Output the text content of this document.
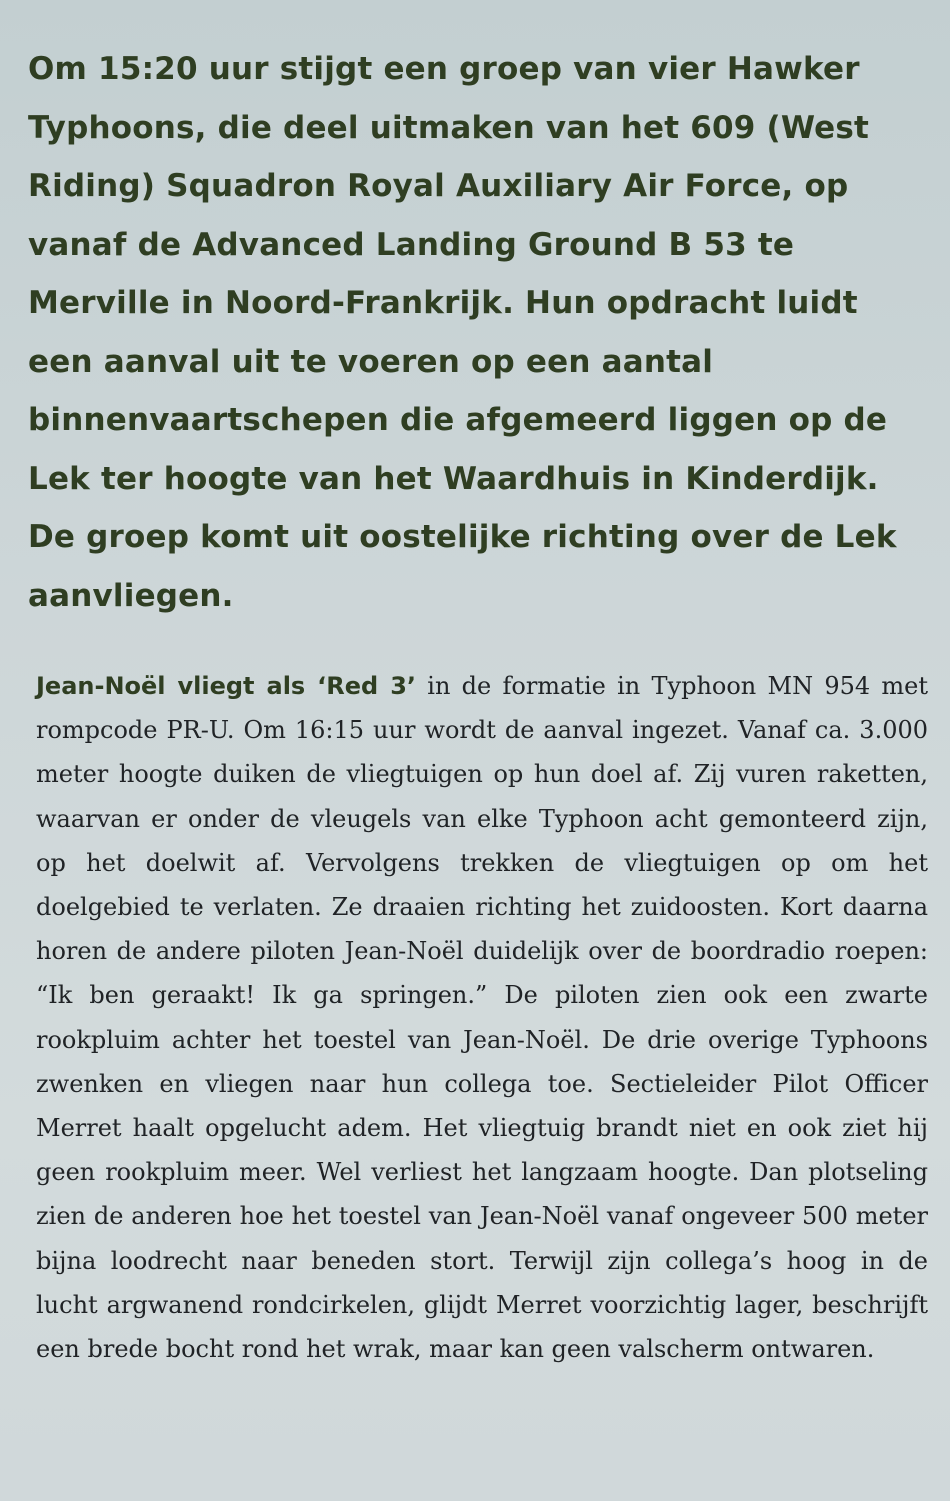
Om 15:20 uur stijgt een groep van vier Hawker Typhoons, die deel uitmaken van het 609 (West Riding) Squadron Royal Auxiliary Air Force, op vanaf de Advanced Landing Ground B 53 te Merville in Noord-Frankrijk. Hun opdracht luidt een aanval uit te voeren op een aantal binnenvaartschepen die afgemeerd liggen op de Lek ter hoogte van het Waardhuis in Kinderdijk. De groep komt uit oostelijke richting over de Lek aanvliegen.

Jean-Noël vliegt als ‘Red 3’ in de formatie in Typhoon MN 954 met rompcode PR-U. Om 16:15 uur wordt de aanval ingezet. Vanaf ca. 3.000 meter hoogte duiken de vliegtuigen op hun doel af. Zij vuren raketten, waarvan er onder de vleugels van elke Typhoon acht gemonteerd zijn, op het doelwit af. Vervolgens trekken de vliegtuigen op om het doelgebied te verlaten. Ze draaien richting het zuidoosten. Kort daarna horen de andere piloten Jean-Noël duidelijk over de boordradio roepen: “Ik ben geraakt! Ik ga springen.” De piloten zien ook een zwarte rookpluim achter het toestel van Jean-Noël. De drie overige Typhoons zwenken en vliegen naar hun collega toe. Sectieleider Pilot Officer Merret haalt opgelucht adem. Het vliegtuig brandt niet en ook ziet hij geen rookpluim meer. Wel verliest het langzaam hoogte. Dan plotseling zien de anderen hoe het toestel van Jean-Noël vanaf ongeveer 500 meter bijna loodrecht naar beneden stort. Terwijl zijn collega’s hoog in de lucht argwanend rondcirkelen, glijdt Merret voorzichtig lager, beschrijft een brede bocht rond het wrak, maar kan geen valscherm ontwaren.
